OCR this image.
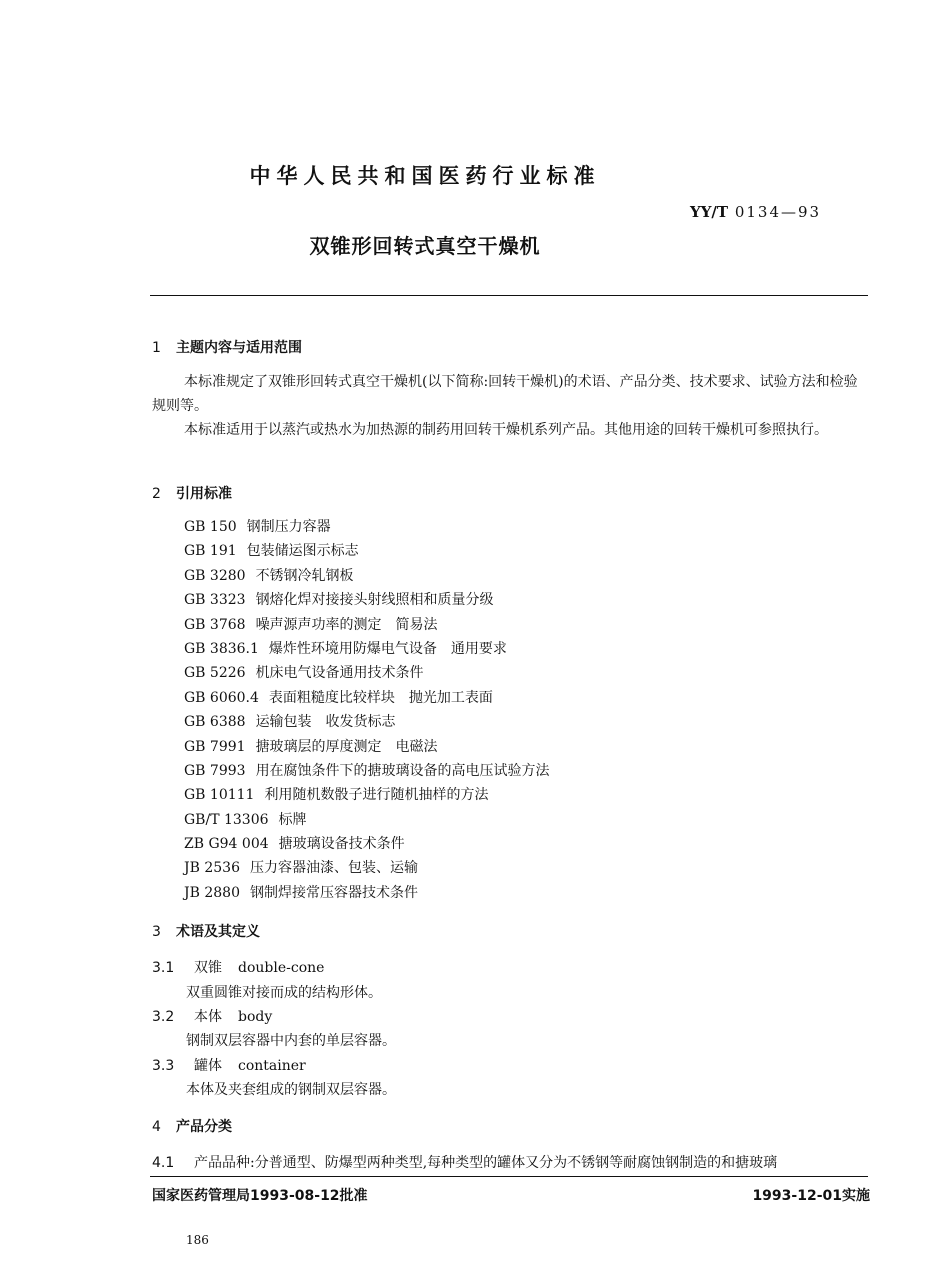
中华人民共和国医药行业标准
YY/T 0134—93
双锥形回转式真空干燥机
1 主题内容与适用范围
本标准规定了双锥形回转式真空干燥机(以下简称:回转干燥机)的术语、产品分类、技术要求、试验方法和检验规则等。
本标准适用于以蒸汽或热水为加热源的制药用回转干燥机系列产品。其他用途的回转干燥机可参照执行。
2 引用标准
GB 150 钢制压力容器
GB 191 包装储运图示标志
GB 3280 不锈钢冷轧钢板
GB 3323 钢熔化焊对接接头射线照相和质量分级
GB 3768 噪声源声功率的测定　简易法
GB 3836.1 爆炸性环境用防爆电气设备　通用要求
GB 5226 机床电气设备通用技术条件
GB 6060.4 表面粗糙度比较样块　抛光加工表面
GB 6388 运输包装　收发货标志
GB 7991 搪玻璃层的厚度测定　电磁法
GB 7993 用在腐蚀条件下的搪玻璃设备的高电压试验方法
GB 10111 利用随机数骰子进行随机抽样的方法
GB/T 13306 标牌
ZB G94 004 搪玻璃设备技术条件
JB 2536 压力容器油漆、包装、运输
JB 2880 钢制焊接常压容器技术条件
3 术语及其定义
3.1 双锥 double-cone
双重圆锥对接而成的结构形体。
3.2 本体 body
钢制双层容器中内套的单层容器。
3.3 罐体 container
本体及夹套组成的钢制双层容器。
4 产品分类
4.1 产品品种:分普通型、防爆型两种类型,每种类型的罐体又分为不锈钢等耐腐蚀钢制造的和搪玻璃
国家医药管理局1993-08-12批准	1993-12-01实施
186
